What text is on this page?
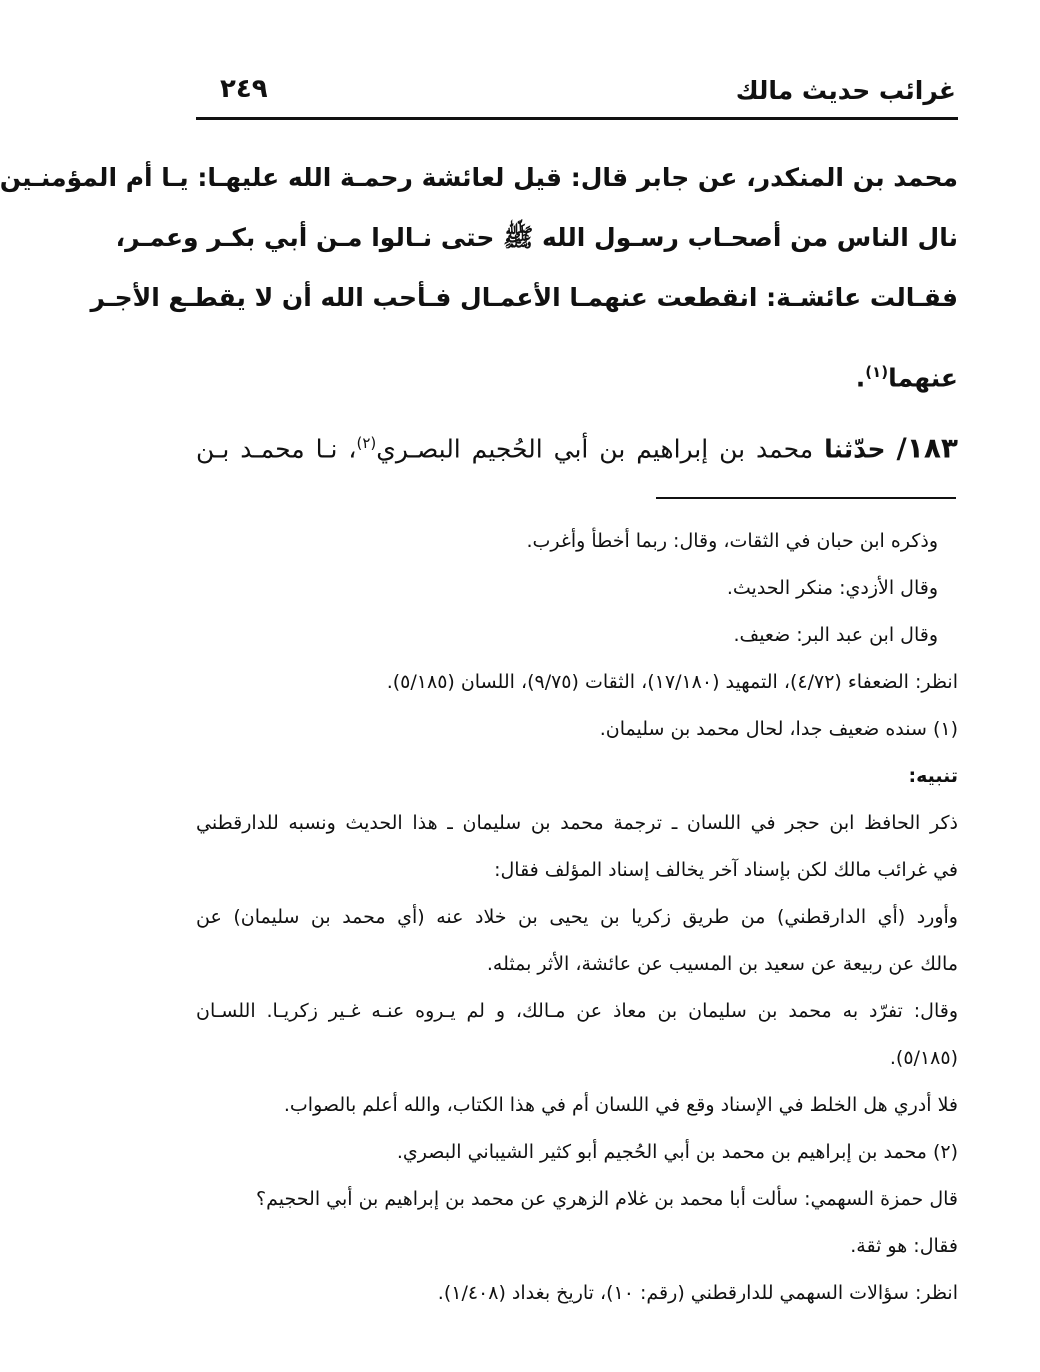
غرائب حديث مالك
٢٤٩
محمد بن المنكدر، عن جابر قال: قيل لعائشة رحمـة الله عليهـا: يـا أم المؤمنـين
نال الناس من أصحـاب رسـول الله ﷺ حتى نـالوا مـن أبي بكـر وعمـر،
فقـالت عائشـة: انقطعت عنهمـا الأعمـال فـأحب الله أن لا يقطـع الأجـر
عنهما$^{(١)}$.
١٨٣/ حدّثنا محمد بن إبراهيم بن أبي الحُجيم البصـري$^{(٢)}$، نـا محمـد بـن
وذكره ابن حبان في الثقات، وقال: ربما أخطأ وأغرب.
وقال الأزدي: منكر الحديث.
وقال ابن عبد البر: ضعيف.
انظر: الضعفاء (٤/٧٢)، التمهيد (١٧/١٨٠)، الثقات (٩/٧٥)، اللسان (٥/١٨٥).
(١) سنده ضعيف جدا، لحال محمد بن سليمان.
تنبيه:
ذكر الحافظ ابن حجر في اللسان ـ ترجمة محمد بن سليمان ـ هذا الحديث ونسبه للدارقطني
في غرائب مالك لكن بإسناد آخر يخالف إسناد المؤلف فقال:
وأورد (أي الدارقطني) من طريق زكريا بن يحيى بن خلاد عنه (أي محمد بن سليمان) عن
مالك عن ربيعة عن سعيد بن المسيب عن عائشة، الأثر بمثله.
وقال: تفرّد به محمد بن سليمان بن معاذ عن مـالك، و لم يـروه عنـه غـير زكريـا. اللسـان
(٥/١٨٥).
فلا أدري هل الخلط في الإسناد وقع في اللسان أم في هذا الكتاب، والله أعلم بالصواب.
(٢) محمد بن إبراهيم بن محمد بن أبي الحُجيم أبو كثير الشيباني البصري.
قال حمزة السهمي: سألت أبا محمد بن غلام الزهري عن محمد بن إبراهيم بن أبي الحجيم؟
فقال: هو ثقة.
انظر: سؤالات السهمي للدارقطني (رقم: ١٠)، تاريخ بغداد (١/٤٠٨).
